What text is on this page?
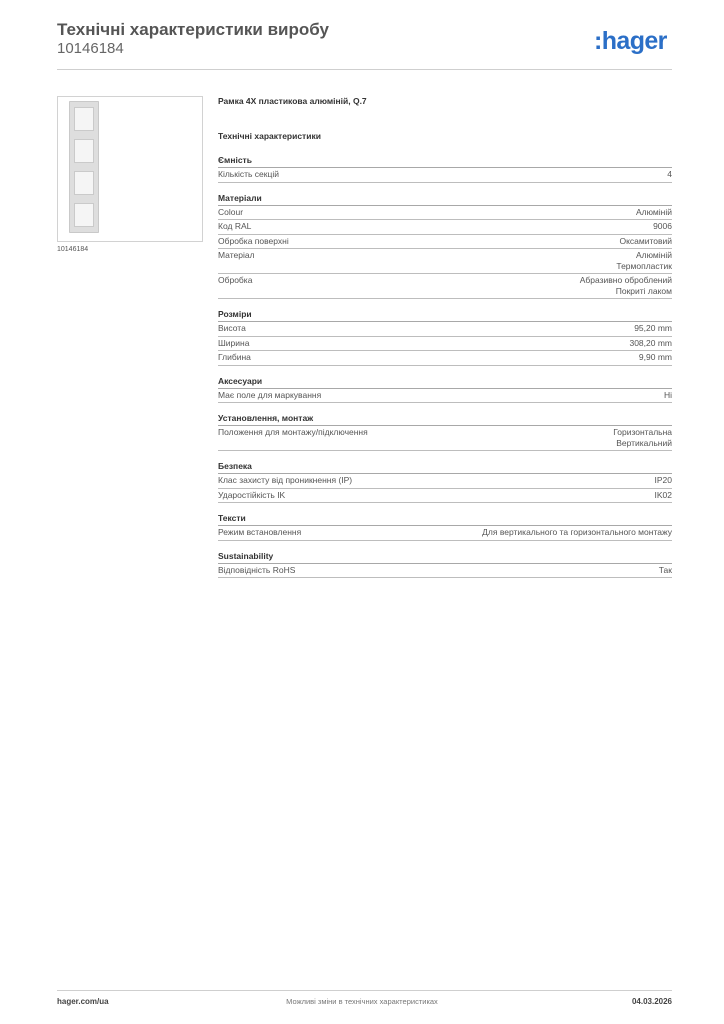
Технічні характеристики виробу
10146184	:hager
10146184
Рамка 4X пластикова алюміній, Q.7
Технічні характеристики
Ємність
Кількість секцій	4
Матеріали
Colour	Алюміній
Код RAL	9006
Обробка поверхні	Оксамитовий
Матеріал	Алюміній
Термопластик
Обробка	Абразивно оброблений
Покриті лаком
Розміри
Висота	95,20 mm
Ширина	308,20 mm
Глибина	9,90 mm
Аксесуари
Має поле для маркування	Ні
Установлення, монтаж
Положення для монтажу/підключення	Горизонтальна
Вертикальний
Безпека
Клас захисту від проникнення (IP)	IP20
Ударостійкість IK	IK02
Тексти
Режим встановлення	Для вертикального та горизонтального монтажу
Sustainability
Відповідність RoHS	Так
hager.com/ua	Можливі зміни в технічних характеристиках	04.03.2026
